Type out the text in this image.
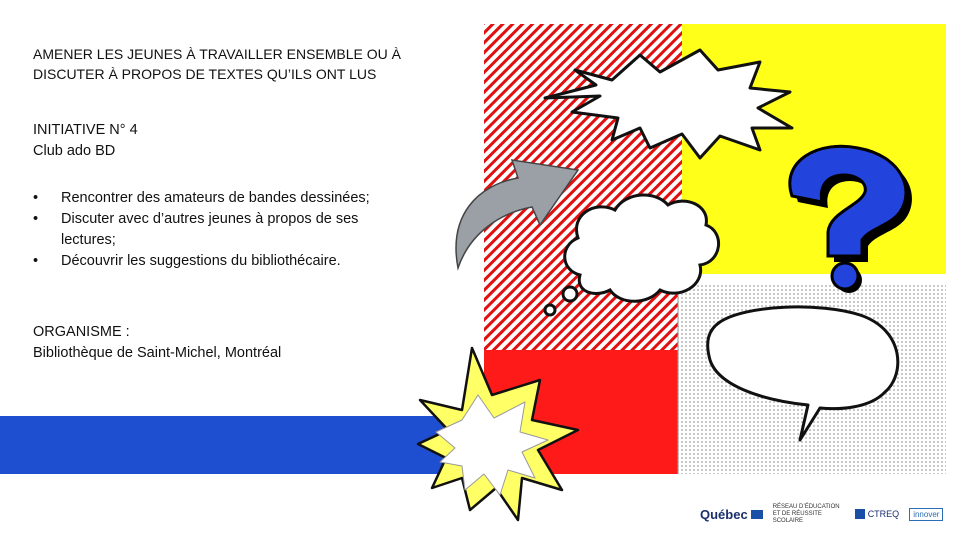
AMENER LES JEUNES À TRAVAILLER ENSEMBLE OU À DISCUTER À PROPOS DE TEXTES QU’ILS ONT LUS
INITIATIVE N° 4
Club ado BD
• Rencontrer des amateurs de bandes dessinées;
• Discuter avec d’autres jeunes à propos de ses lectures;
• Découvrir les suggestions du bibliothécaire.
ORGANISME :
Bibliothèque de Saint-Michel, Montréal
Québec	RÉSEAU D’ÉDUCATION ET DE RÉUSSITE SCOLAIRE
CTREQ	innover
